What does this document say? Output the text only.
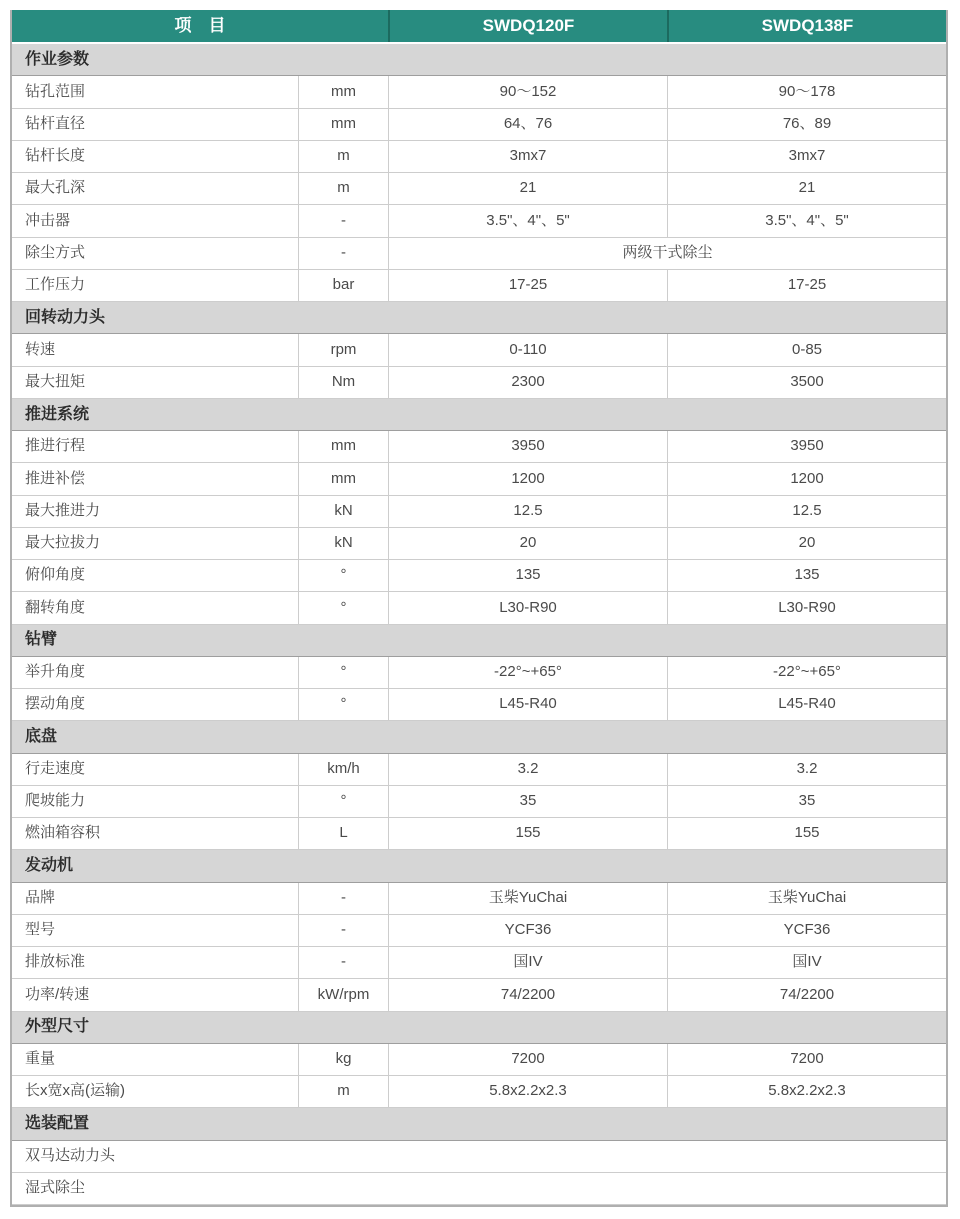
项　目	SWDQ120F	SWDQ138F
作业参数
钻孔范围	mm	90～152	90～178
钻杆直径	mm	64、76	76、89
钻杆长度	m	3mx7	3mx7
最大孔深	m	21	21
冲击器	-	3.5"、4"、5"	3.5"、4"、5"
除尘方式	-	两级干式除尘
工作压力	bar	17-25	17-25
回转动力头
转速	rpm	0-110	0-85
最大扭矩	Nm	2300	3500
推进系统
推进行程	mm	3950	3950
推进补偿	mm	1200	1200
最大推进力	kN	12.5	12.5
最大拉拔力	kN	20	20
俯仰角度	°	135	135
翻转角度	°	L30-R90	L30-R90
钻臂
举升角度	°	-22°~+65°	-22°~+65°
摆动角度	°	L45-R40	L45-R40
底盘
行走速度	km/h	3.2	3.2
爬坡能力	°	35	35
燃油箱容积	L	155	155
发动机
品牌	-	玉柴YuChai	玉柴YuChai
型号	-	YCF36	YCF36
排放标准	-	国IV	国IV
功率/转速	kW/rpm	74/2200	74/2200
外型尺寸
重量	kg	7200	7200
长x宽x高(运输)	m	5.8x2.2x2.3	5.8x2.2x2.3
选装配置
双马达动力头
湿式除尘
